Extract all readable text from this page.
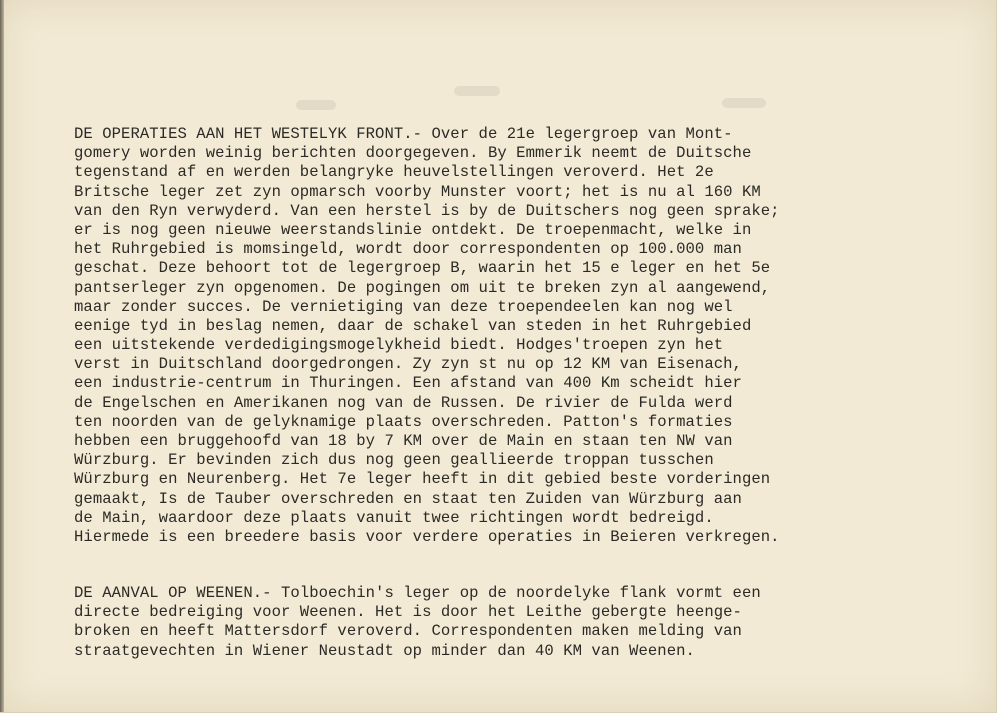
DE OPERATIES AAN HET WESTELYK FRONT.- Over de 21e legergroep van Mont-
gomery worden weinig berichten doorgegeven. By Emmerik neemt de Duitsche
tegenstand af en werden belangryke heuvelstellingen veroverd. Het 2e
Britsche leger zet zyn opmarsch voorby Munster voort; het is nu al 160 KM
van den Ryn verwyderd. Van een herstel is by de Duitschers nog geen sprake;
er is nog geen nieuwe weerstandslinie ontdekt. De troepenmacht, welke in
het Ruhrgebied is momsingeld, wordt door correspondenten op 100.000 man
geschat. Deze behoort tot de legergroep B, waarin het 15 e leger en het 5e
pantserleger zyn opgenomen. De pogingen om uit te breken zyn al aangewend,
maar zonder succes. De vernietiging van deze troependeelen kan nog wel
eenige tyd in beslag nemen, daar de schakel van steden in het Ruhrgebied
een uitstekende verdedigingsmogelykheid biedt. Hodges'troepen zyn het
verst in Duitschland doorgedrongen. Zy zyn st nu op 12 KM van Eisenach,
een industrie-centrum in Thuringen. Een afstand van 400 Km scheidt hier
de Engelschen en Amerikanen nog van de Russen. De rivier de Fulda werd
ten noorden van de gelyknamige plaats overschreden. Patton's formaties
hebben een bruggehoofd van 18 by 7 KM over de Main en staan ten NW van
Würzburg. Er bevinden zich dus nog geen geallieerde troppan tusschen
Würzburg en Neurenberg. Het 7e leger heeft in dit gebied beste vorderingen
gemaakt, Is de Tauber overschreden en staat ten Zuiden van Würzburg aan
de Main, waardoor deze plaats vanuit twee richtingen wordt bedreigd.
Hiermede is een breedere basis voor verdere operaties in Beieren verkregen.
DE AANVAL OP WEENEN.- Tolboechin's leger op de noordelyke flank vormt een
directe bedreiging voor Weenen. Het is door het Leithe gebergte heenge-
broken en heeft Mattersdorf veroverd. Correspondenten maken melding van
straatgevechten in Wiener Neustadt op minder dan 40 KM van Weenen.
